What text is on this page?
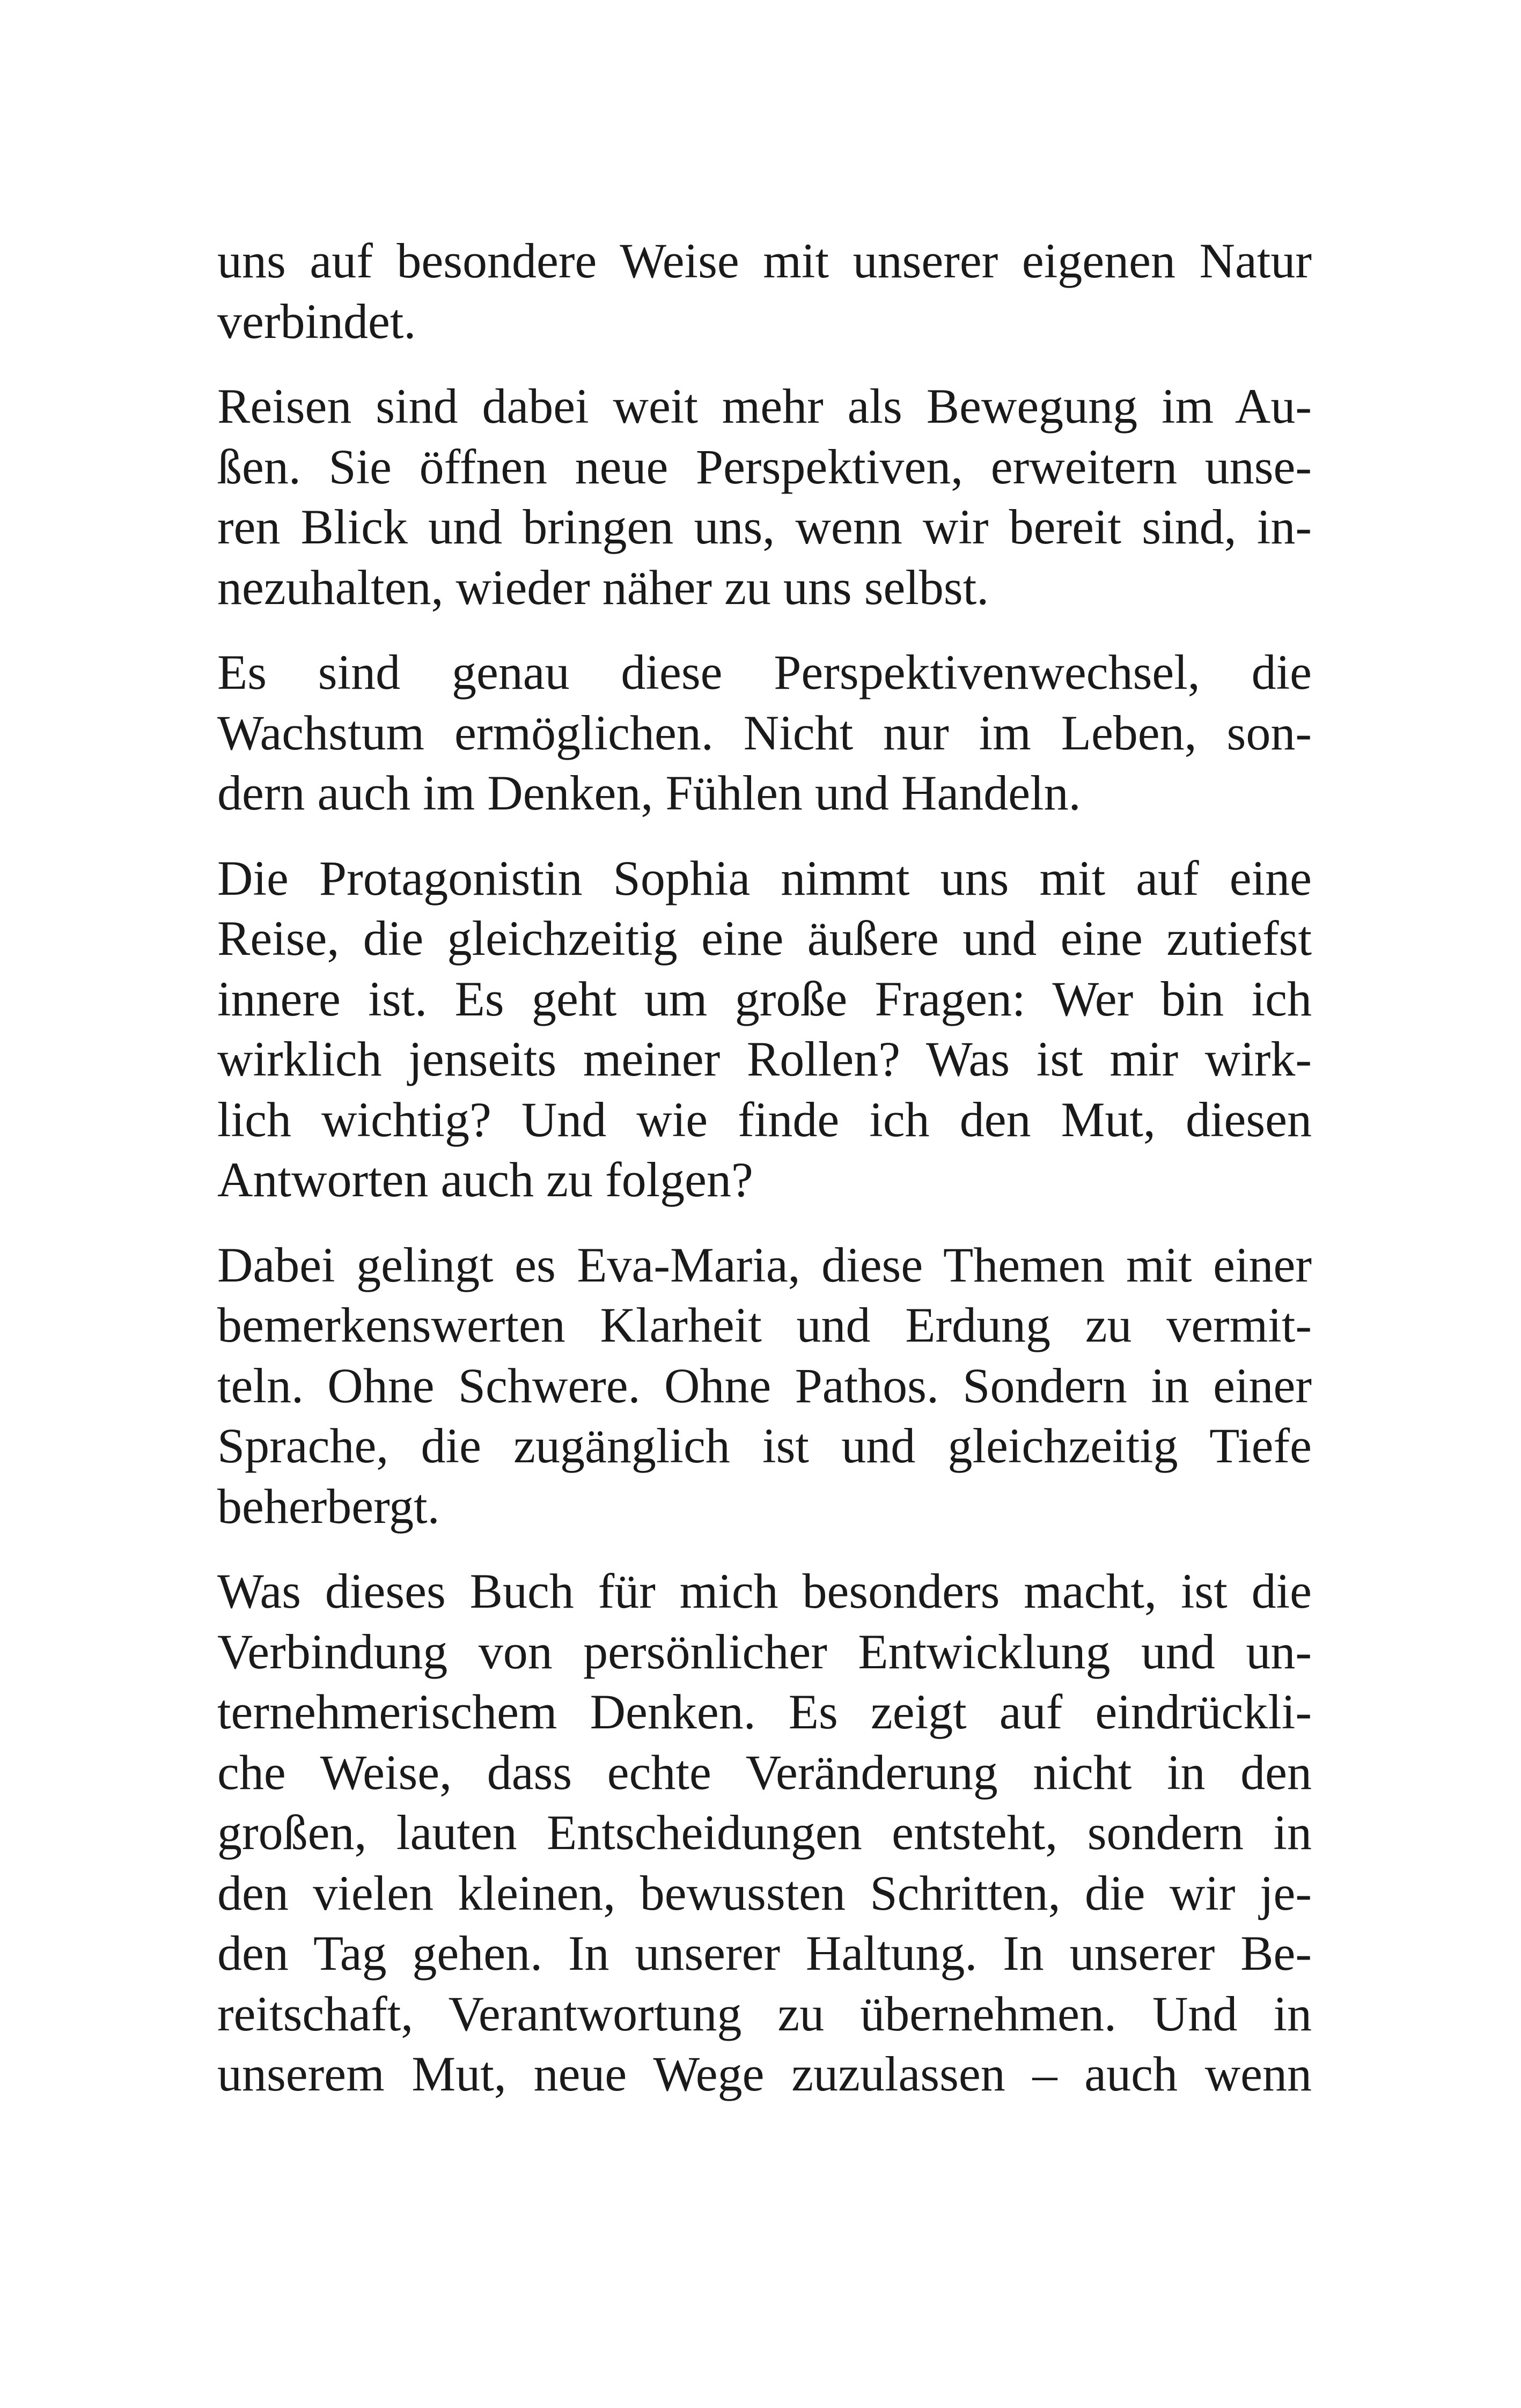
uns auf besondere Weise mit unserer eigenen Natur
verbindet.

Reisen sind dabei weit mehr als Bewegung im Au-
ßen. Sie öffnen neue Perspektiven, erweitern unse-
ren Blick und bringen uns, wenn wir bereit sind, in-
nezuhalten, wieder näher zu uns selbst.

Es sind genau diese Perspektivenwechsel, die
Wachstum ermöglichen. Nicht nur im Leben, son-
dern auch im Denken, Fühlen und Handeln.

Die Protagonistin Sophia nimmt uns mit auf eine
Reise, die gleichzeitig eine äußere und eine zutiefst
innere ist. Es geht um große Fragen: Wer bin ich
wirklich jenseits meiner Rollen? Was ist mir wirk-
lich wichtig? Und wie finde ich den Mut, diesen
Antworten auch zu folgen?

Dabei gelingt es Eva-Maria, diese Themen mit einer
bemerkenswerten Klarheit und Erdung zu vermit-
teln. Ohne Schwere. Ohne Pathos. Sondern in einer
Sprache, die zugänglich ist und gleichzeitig Tiefe
beherbergt.

Was dieses Buch für mich besonders macht, ist die
Verbindung von persönlicher Entwicklung und un-
ternehmerischem Denken. Es zeigt auf eindrückli-
che Weise, dass echte Veränderung nicht in den
großen, lauten Entscheidungen entsteht, sondern in
den vielen kleinen, bewussten Schritten, die wir je-
den Tag gehen. In unserer Haltung. In unserer Be-
reitschaft, Verantwortung zu übernehmen. Und in
unserem Mut, neue Wege zuzulassen – auch wenn
